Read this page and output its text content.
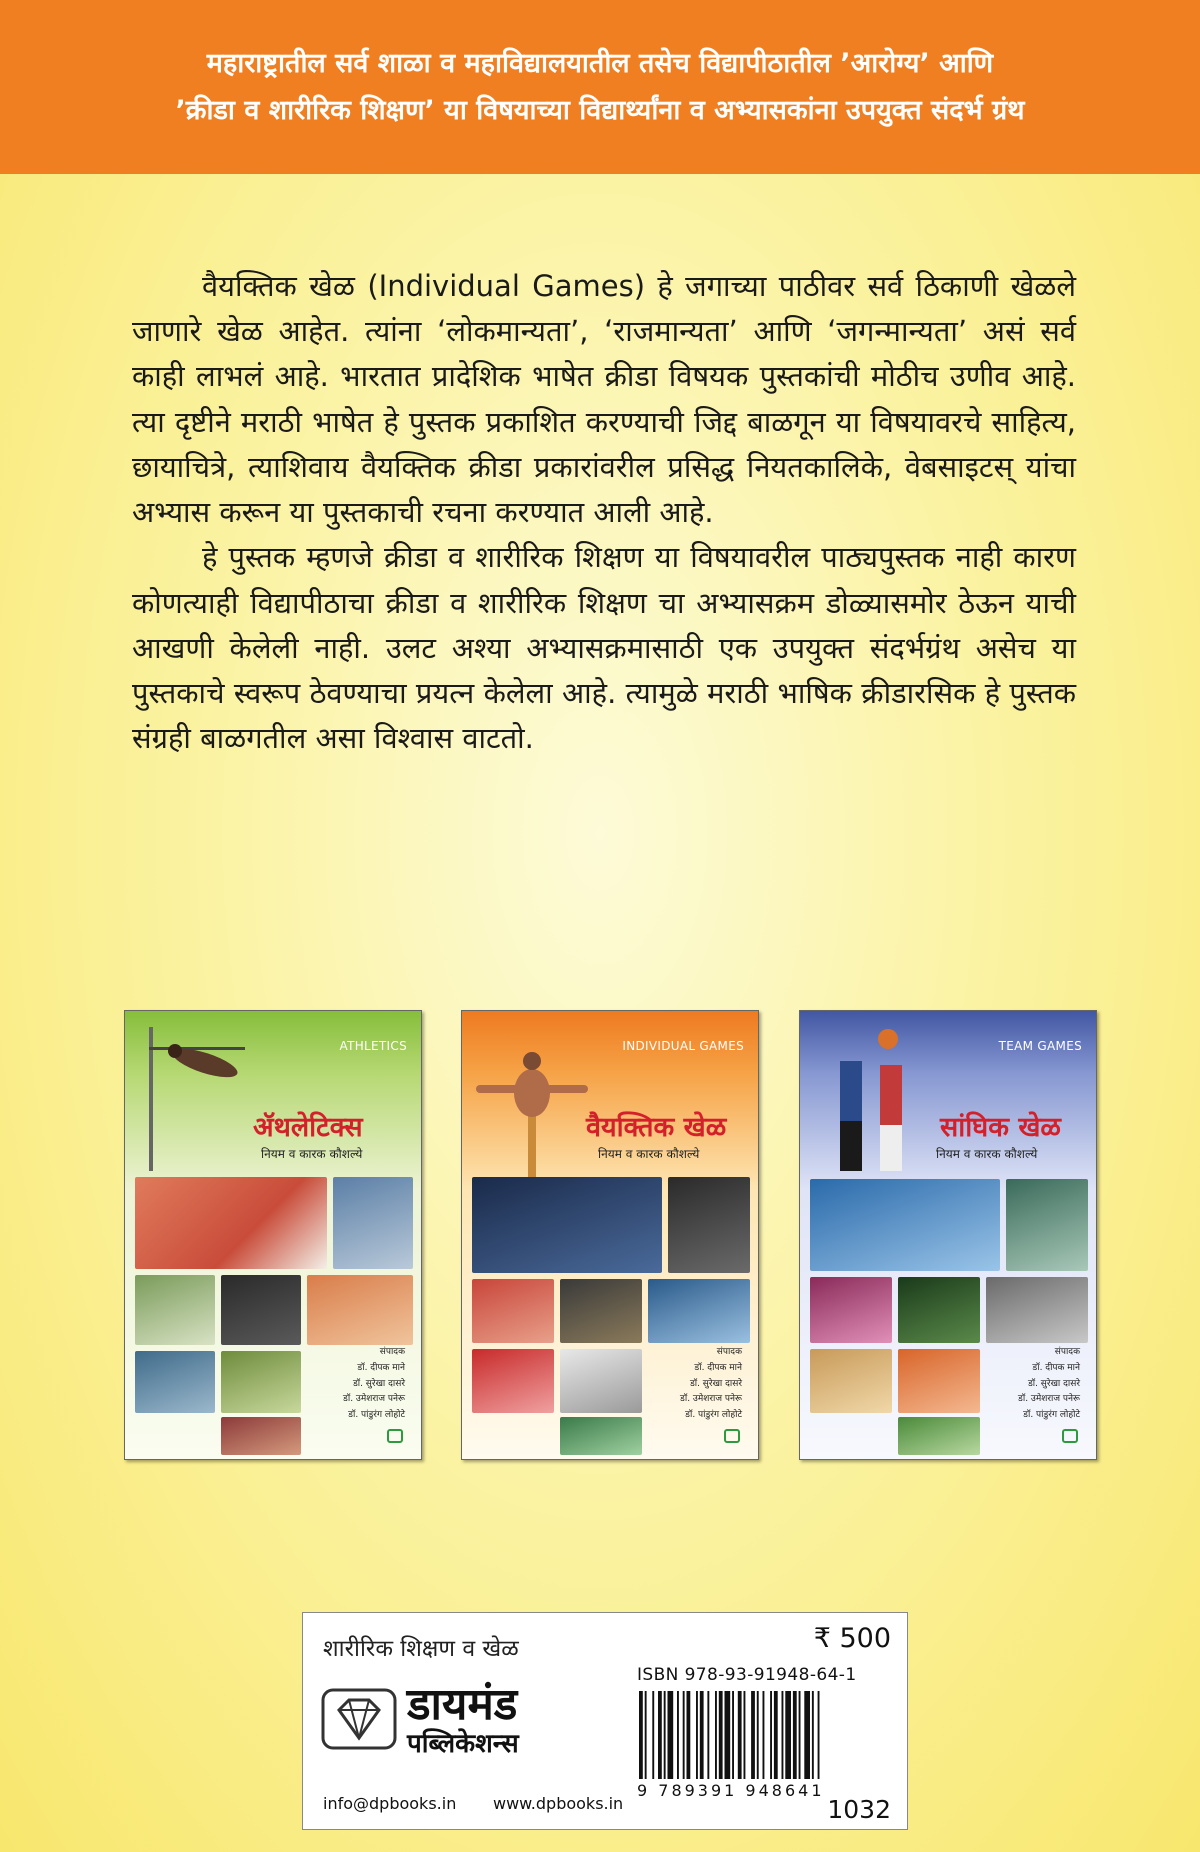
महाराष्ट्रातील सर्व शाळा व महाविद्यालयातील तसेच विद्यापीठातील ’आरोग्य’ आणि
’क्रीडा व शारीरिक शिक्षण’ या विषयाच्या विद्यार्थ्यांना व अभ्यासकांना उपयुक्त संदर्भ ग्रंथ

वैयक्तिक खेळ (Individual Games) हे जगाच्या पाठीवर सर्व ठिकाणी खेळले जाणारे खेळ आहेत. त्यांना ‘लोकमान्यता’, ‘राजमान्यता’ आणि ‘जगन्मान्यता’ असं सर्व काही लाभलं आहे. भारतात प्रादेशिक भाषेत क्रीडा विषयक पुस्तकांची मोठीच उणीव आहे. त्या दृष्टीने मराठी भाषेत हे पुस्तक प्रकाशित करण्याची जिद्द बाळगून या विषयावरचे साहित्य, छायाचित्रे, त्याशिवाय वैयक्तिक क्रीडा प्रकारांवरील प्रसिद्ध नियतकालिके, वेबसाइटस् यांचा अभ्यास करून या पुस्तकाची रचना करण्यात आली आहे.

हे पुस्तक म्हणजे क्रीडा व शारीरिक शिक्षण या विषयावरील पाठ्यपुस्तक नाही कारण कोणत्याही विद्यापीठाचा क्रीडा व शारीरिक शिक्षण चा अभ्यासक्रम डोळ्यासमोर ठेऊन याची आखणी केलेली नाही. उलट अश्या अभ्यासक्रमासाठी एक उपयुक्त संदर्भग्रंथ असेच या पुस्तकाचे स्वरूप ठेवण्याचा प्रयत्न केलेला आहे. त्यामुळे मराठी भाषिक क्रीडारसिक हे पुस्तक संग्रही बाळगतील असा विश्वास वाटतो.

ATHLETICS
ॲथलेटिक्स
नियम व कारक कौशल्ये
संपादक
डॉ. दीपक माने
डॉ. सुरेखा दासरे
डॉ. उमेशराज पनेरू
डॉ. पांडुरंग लोहोटे
INDIVIDUAL GAMES
वैयक्तिक खेळ
नियम व कारक कौशल्ये
संपादक
डॉ. दीपक माने
डॉ. सुरेखा दासरे
डॉ. उमेशराज पनेरू
डॉ. पांडुरंग लोहोटे
TEAM GAMES
सांघिक खेळ
नियम व कारक कौशल्ये
संपादक
डॉ. दीपक माने
डॉ. सुरेखा दासरे
डॉ. उमेशराज पनेरू
डॉ. पांडुरंग लोहोटे
शारीरिक शिक्षण व खेळ	₹ 500
ISBN 978-93-91948-64-1
9 789391 948641
1032
डायमंड
पब्लिकेशन्स
info@dpbooks.in www.dpbooks.in
